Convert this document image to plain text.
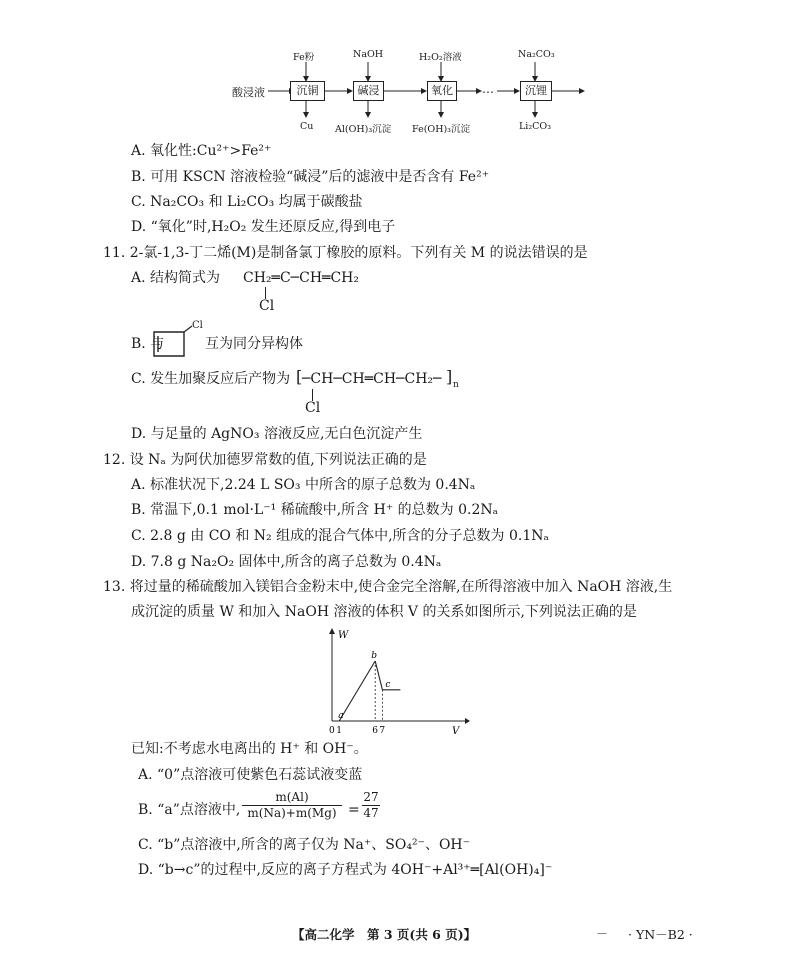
酸浸液
Fe粉	NaOH	H₂O₂溶液	Na₂CO₃
沉铜	碱浸	氧化	…	沉锂
Cu Al(OH)₃沉淀 Fe(OH)₃沉淀	Li₂CO₃
A. 氧化性:Cu²⁺>Fe²⁺
B. 可用 KSCN 溶液检验“碱浸”后的滤液中是否含有 Fe²⁺
C. Na₂CO₃ 和 Li₂CO₃ 均属于碳酸盐
D. “氧化”时,H₂O₂ 发生还原反应,得到电子
11. 2-氯-1,3-丁二烯(M)是制备氯丁橡胶的原料。下列有关 M 的说法错误的是
A. 结构简式为 CH₂═C─CH═CH₂
Cl
B. 与
Cl
互为同分异构体
C. 发生加聚反应后产物为 [ ─CH─CH═CH─CH₂─ ] n
Cl
D. 与足量的 AgNO₃ 溶液反应,无白色沉淀产生
12. 设 Nₐ 为阿伏加德罗常数的值,下列说法正确的是
A. 标准状况下,2.24 L SO₃ 中所含的原子总数为 0.4Nₐ
B. 常温下,0.1 mol·L⁻¹ 稀硫酸中,所含 H⁺ 的总数为 0.2Nₐ
C. 2.8 g 由 CO 和 N₂ 组成的混合气体中,所含的分子总数为 0.1Nₐ
D. 7.8 g Na₂O₂ 固体中,所含的离子总数为 0.4Nₐ
13. 将过量的稀硫酸加入镁铝合金粉末中,使合金完全溶解,在所得溶液中加入 NaOH 溶液,生
成沉淀的质量 W 和加入 NaOH 溶液的体积 V 的关系如图所示,下列说法正确的是
W
V
a
b
c
0 1	6 7
已知:不考虑水电离出的 H⁺ 和 OH⁻。
A. “0”点溶液可使紫色石蕊试液变蓝
B. “a”点溶液中, $\frac{m(Al)}{m(Na)+m(Mg)} = \frac{27}{47}$
C. “b”点溶液中,所含的离子仅为 Na⁺、SO₄²⁻、OH⁻
D. “b→c”的过程中,反应的离子方程式为 4OH⁻+Al³⁺═[Al(OH)₄]⁻
【高二化学　第 3 页(共 6 页)】	－ · YN－B2 ·
